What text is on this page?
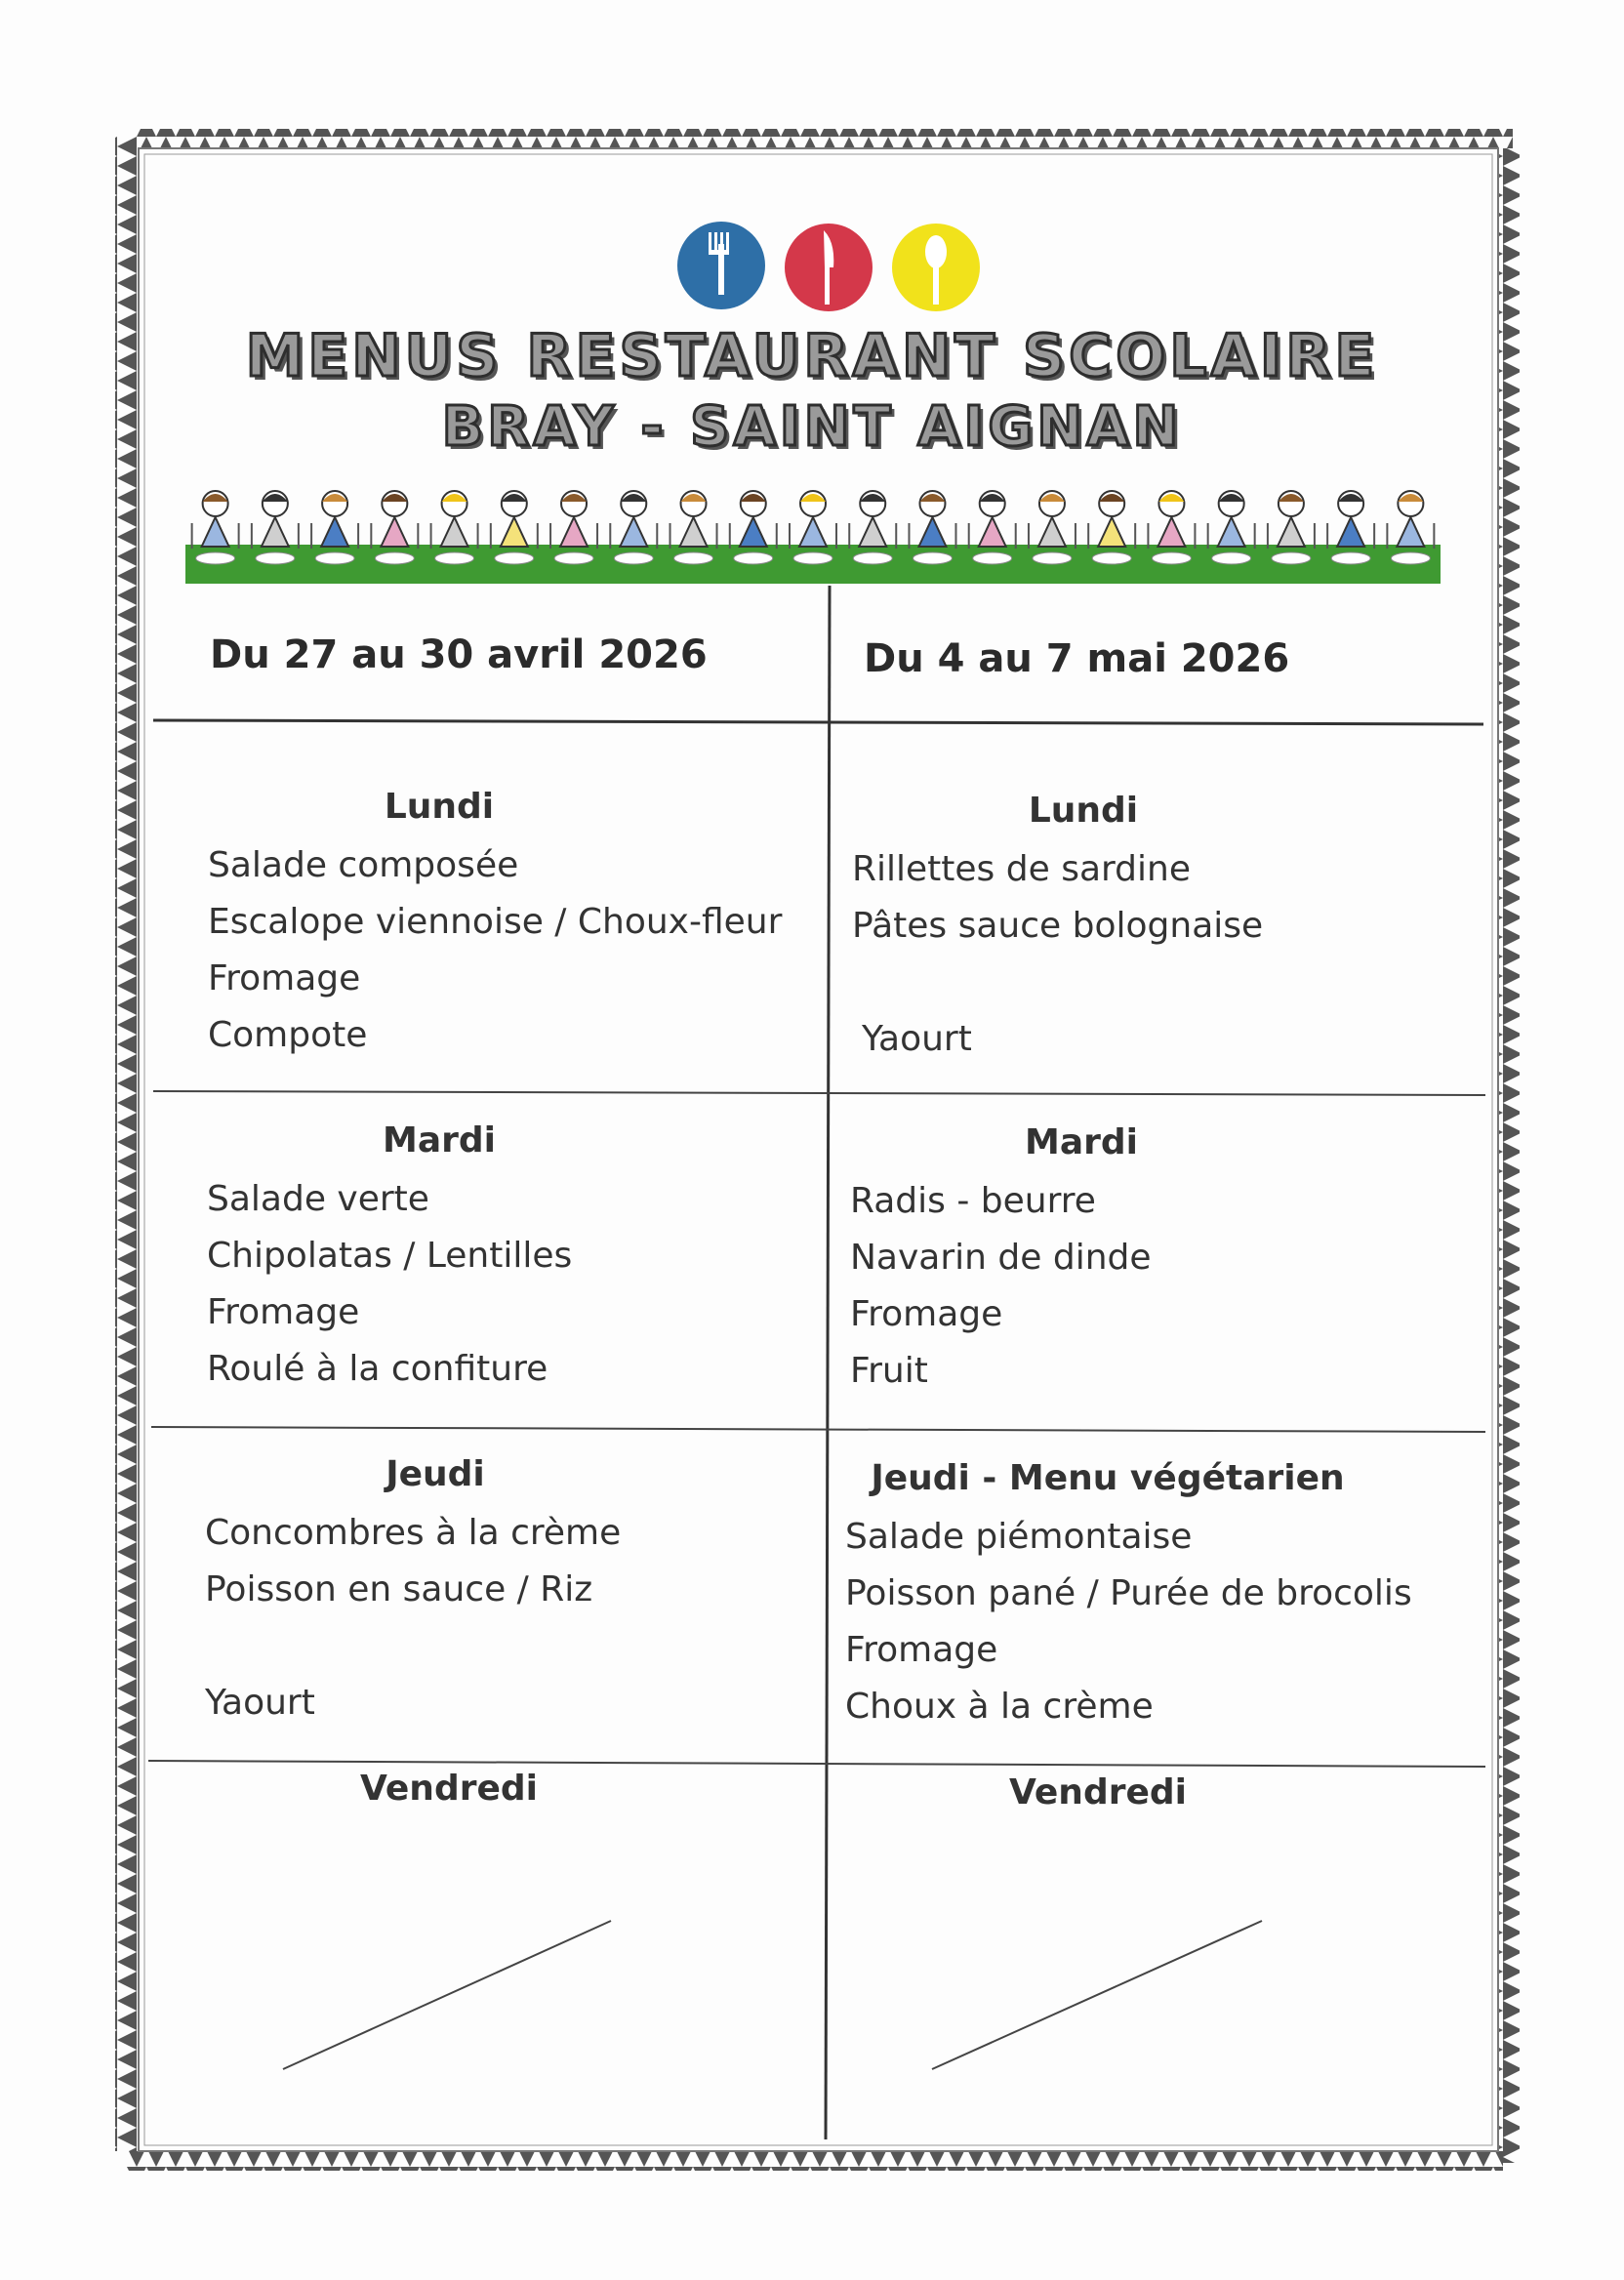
MENUS RESTAURANT SCOLAIRE
BRAY - SAINT AIGNAN
Du 27 au 30 avril 2026	Du 4 au 7 mai 2026
Lundi
Salade composée
Escalope viennoise / Choux-fleur
Fromage
Compote
Lundi
Rillettes de sardine
Pâtes sauce bolognaise
Yaourt
Mardi
Salade verte
Chipolatas / Lentilles
Fromage
Roulé à la confiture
Mardi
Radis - beurre
Navarin de dinde
Fromage
Fruit
Jeudi
Concombres à la crème
Poisson en sauce / Riz
Yaourt
Jeudi - Menu végétarien
Salade piémontaise
Poisson pané / Purée de brocolis
Fromage
Choux à la crème
Vendredi	Vendredi
